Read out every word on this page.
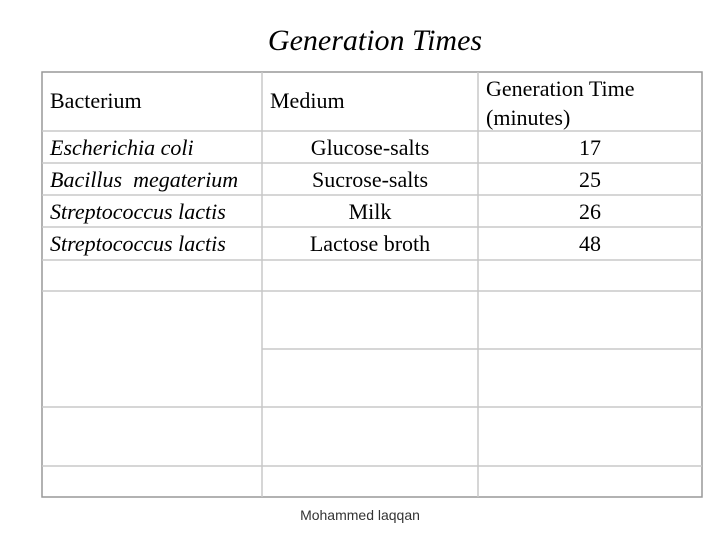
Generation Times
Bacterium	Medium	Generation Time
(minutes)
Escherichia coli	Glucose-salts	17
Bacillus  megaterium	Sucrose-salts	25
Streptococcus lactis	Milk	26
Streptococcus lactis	Lactose broth	48
Mohammed laqqan
